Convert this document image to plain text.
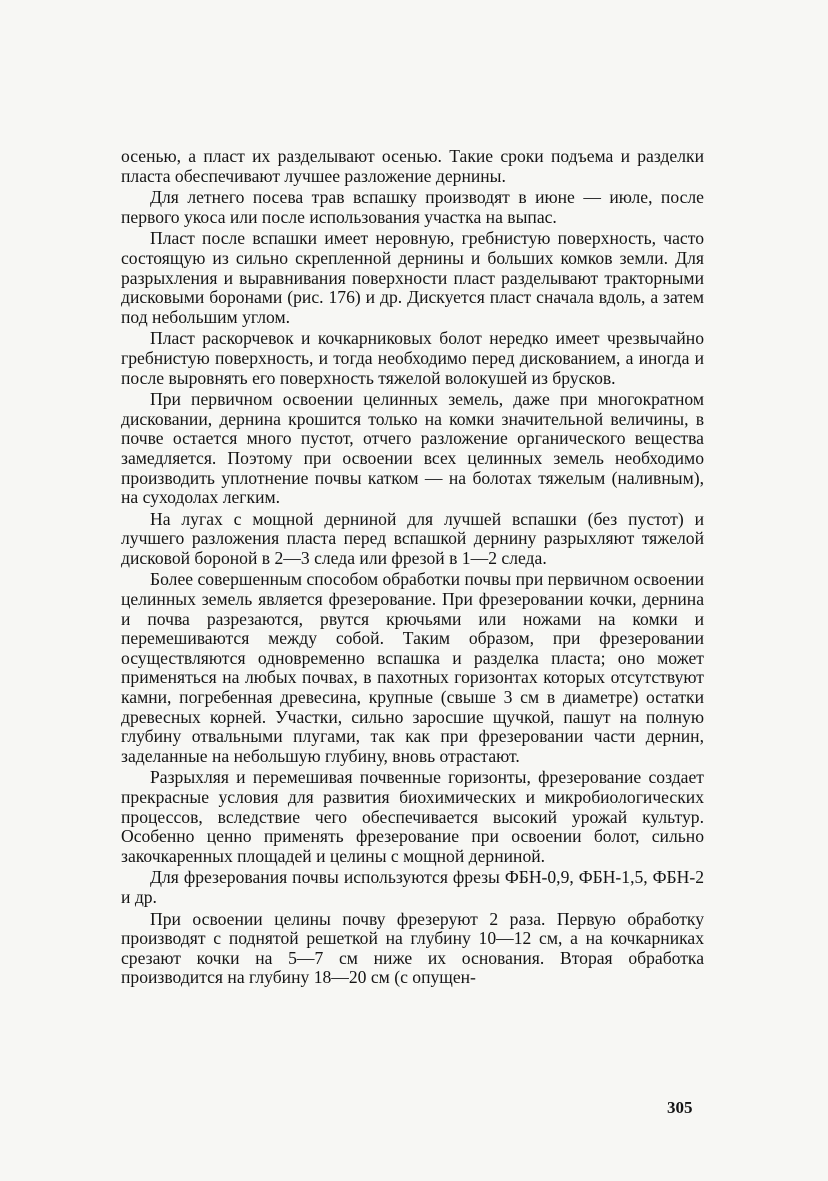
осенью, а пласт их разделывают осенью. Такие сроки подъема и разделки пласта обеспечивают лучшее разложение дернины.

Для летнего посева трав вспашку производят в июне — июле, после первого укоса или после использования участка на выпас.

Пласт после вспашки имеет неровную, гребнистую поверхность, часто состоящую из сильно скрепленной дернины и больших комков земли. Для разрыхления и выравнивания поверхности пласт разделывают тракторными дисковыми боронами (рис. 176) и др. Дискуется пласт сначала вдоль, а затем под небольшим углом.

Пласт раскорчевок и кочкарниковых болот нередко имеет чрезвычайно гребнистую поверхность, и тогда необходимо перед дискованием, а иногда и после выровнять его поверхность тяжелой волокушей из брусков.

При первичном освоении целинных земель, даже при многократном дисковании, дернина крошится только на комки значительной величины, в почве остается много пустот, отчего разложение органического вещества замедляется. Поэтому при освоении всех целинных земель необходимо производить уплотнение почвы катком — на болотах тяжелым (наливным), на суходолах легким.

На лугах с мощной дерниной для лучшей вспашки (без пустот) и лучшего разложения пласта перед вспашкой дернину разрыхляют тяжелой дисковой бороной в 2—3 следа или фрезой в 1—2 следа.

Более совершенным способом обработки почвы при первичном освоении целинных земель является фрезерование. При фрезеровании кочки, дернина и почва разрезаются, рвутся крючьями или ножами на комки и перемешиваются между собой. Таким образом, при фрезеровании осуществляются одновременно вспашка и разделка пласта; оно может применяться на любых почвах, в пахотных горизонтах которых отсутствуют камни, погребенная древесина, крупные (свыше 3 см в диаметре) остатки древесных корней. Участки, сильно заросшие щучкой, пашут на полную глубину отвальными плугами, так как при фрезеровании части дернин, заделанные на небольшую глубину, вновь отрастают.

Разрыхляя и перемешивая почвенные горизонты, фрезерование создает прекрасные условия для развития биохимических и микробиологических процессов, вследствие чего обеспечивается высокий урожай культур. Особенно ценно применять фрезерование при освоении болот, сильно закочкаренных площадей и целины с мощной дерниной.

Для фрезерования почвы используются фрезы ФБН-0,9, ФБН-1,5, ФБН-2 и др.

При освоении целины почву фрезеруют 2 раза. Первую обработку производят с поднятой решеткой на глубину 10—12 см, а на кочкарниках срезают кочки на 5—7 см ниже их основания. Вторая обработка производится на глубину 18—20 см (с опущен-

305
